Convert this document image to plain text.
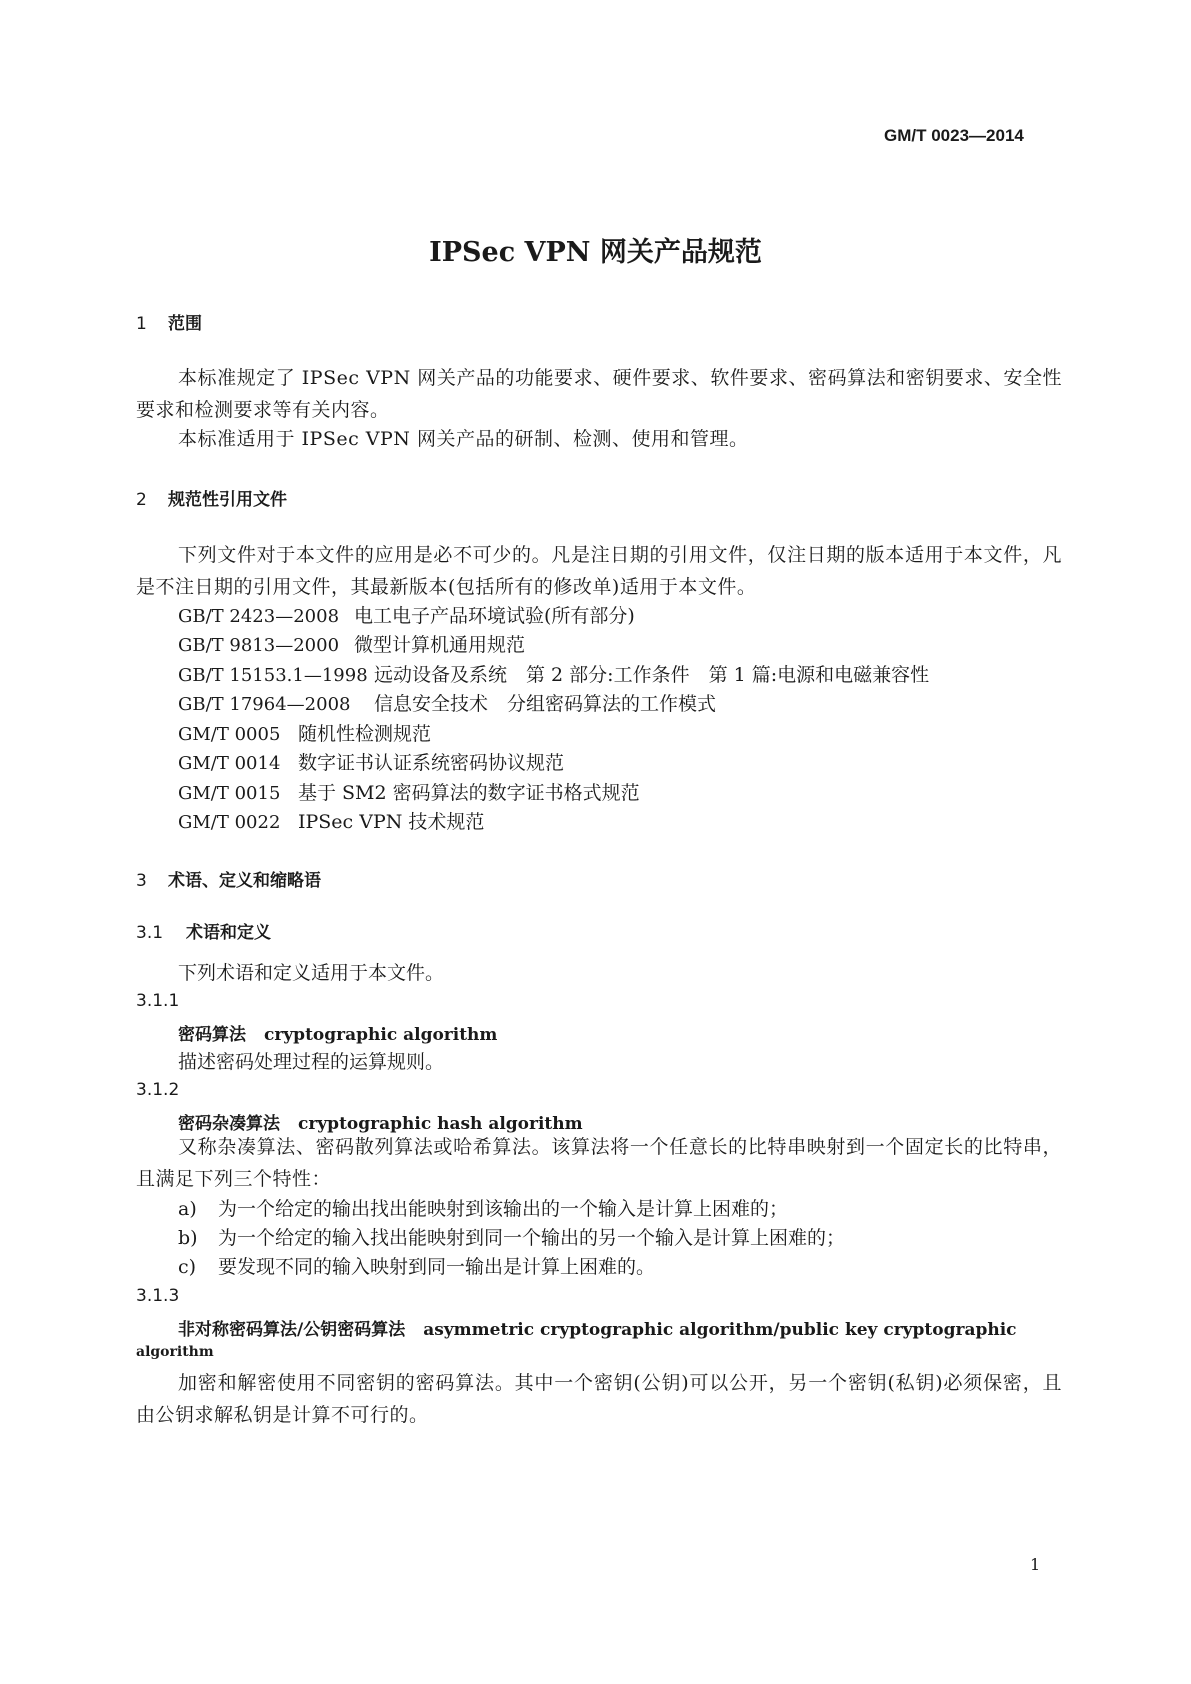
GM/T 0023—2014
IPSec VPN 网关产品规范
1 范围
本标准规定了 IPSec VPN 网关产品的功能要求、硬件要求、软件要求、密码算法和密钥要求、安全性要求和检测要求等有关内容。
本标准适用于 IPSec VPN 网关产品的研制、检测、使用和管理。
2 规范性引用文件
下列文件对于本文件的应用是必不可少的。凡是注日期的引用文件，仅注日期的版本适用于本文件，凡是不注日期的引用文件，其最新版本(包括所有的修改单)适用于本文件。
GB/T 2423—2008 电工电子产品环境试验(所有部分)
GB/T 9813—2000 微型计算机通用规范
GB/T 15153.1—1998 远动设备及系统　第 2 部分:工作条件　第 1 篇:电源和电磁兼容性
GB/T 17964—2008 信息安全技术　分组密码算法的工作模式
GM/T 0005 随机性检测规范
GM/T 0014 数字证书认证系统密码协议规范
GM/T 0015 基于 SM2 密码算法的数字证书格式规范
GM/T 0022 IPSec VPN 技术规范
3 术语、定义和缩略语
3.1 术语和定义
下列术语和定义适用于本文件。
3.1.1
密码算法 cryptographic algorithm
描述密码处理过程的运算规则。
3.1.2
密码杂凑算法 cryptographic hash algorithm
又称杂凑算法、密码散列算法或哈希算法。该算法将一个任意长的比特串映射到一个固定长的比特串，且满足下列三个特性：
a) 为一个给定的输出找出能映射到该输出的一个输入是计算上困难的；
b) 为一个给定的输入找出能映射到同一个输出的另一个输入是计算上困难的；
c) 要发现不同的输入映射到同一输出是计算上困难的。
3.1.3
非对称密码算法/公钥密码算法 asymmetric cryptographic algorithm/public key cryptographic
algorithm
加密和解密使用不同密钥的密码算法。其中一个密钥(公钥)可以公开，另一个密钥(私钥)必须保密，且由公钥求解私钥是计算不可行的。
1
